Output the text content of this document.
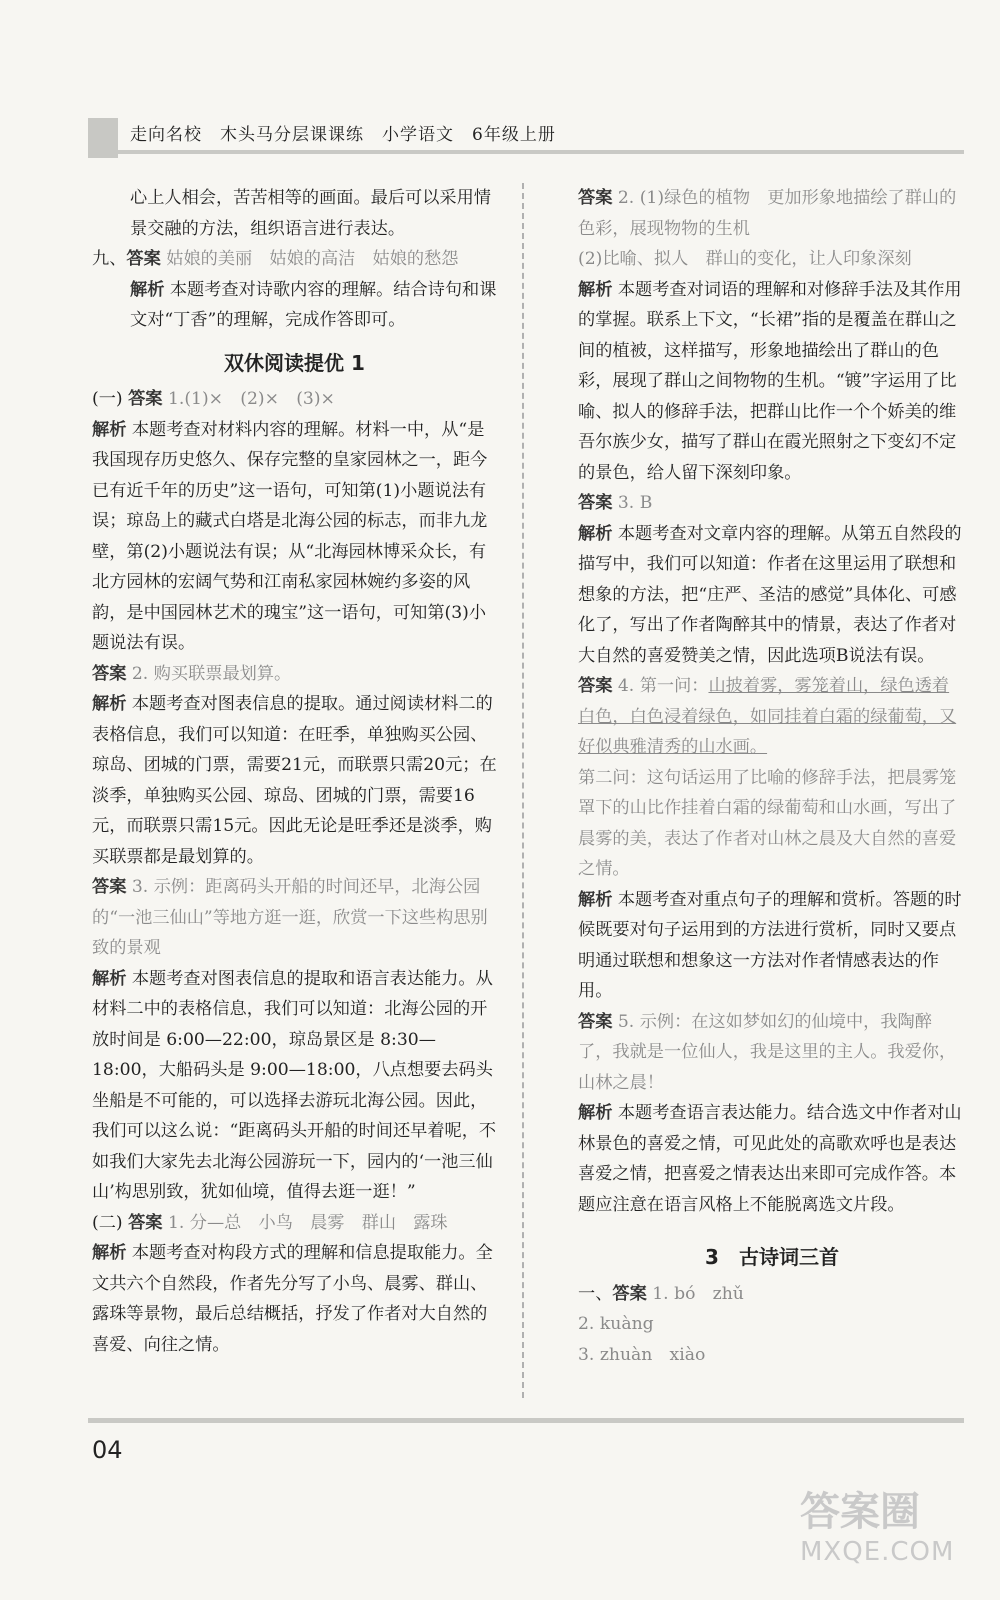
走向名校　木头马分层课课练　小学语文　6年级上册

心上人相会，苦苦相等的画面。最后可以采用情景交融的方法，组织语言进行表达。

九、答案 姑娘的美丽　姑娘的高洁　姑娘的愁怨

解析 本题考查对诗歌内容的理解。结合诗句和课文对“丁香”的理解，完成作答即可。

双休阅读提优 1

(一) 答案 1.(1)×　(2)×　(3)×

解析 本题考查对材料内容的理解。材料一中，从“是我国现存历史悠久、保存完整的皇家园林之一，距今已有近千年的历史”这一语句，可知第(1)小题说法有误；琼岛上的藏式白塔是北海公园的标志，而非九龙壁，第(2)小题说法有误；从“北海园林博采众长，有北方园林的宏阔气势和江南私家园林婉约多姿的风韵，是中国园林艺术的瑰宝”这一语句，可知第(3)小题说法有误。

答案 2. 购买联票最划算。

解析 本题考查对图表信息的提取。通过阅读材料二的表格信息，我们可以知道：在旺季，单独购买公园、琼岛、团城的门票，需要21元，而联票只需20元；在淡季，单独购买公园、琼岛、团城的门票，需要16元，而联票只需15元。因此无论是旺季还是淡季，购买联票都是最划算的。

答案 3. 示例：距离码头开船的时间还早，北海公园的“一池三仙山”等地方逛一逛，欣赏一下这些构思别致的景观

解析 本题考查对图表信息的提取和语言表达能力。从材料二中的表格信息，我们可以知道：北海公园的开放时间是 6:00—22:00，琼岛景区是 8:30—18:00，大船码头是 9:00—18:00，八点想要去码头坐船是不可能的，可以选择去游玩北海公园。因此，我们可以这么说：“距离码头开船的时间还早着呢，不如我们大家先去北海公园游玩一下，园内的‘一池三仙山’构思别致，犹如仙境，值得去逛一逛！”

(二) 答案 1. 分—总　小鸟　晨雾　群山　露珠

解析 本题考查对构段方式的理解和信息提取能力。全文共六个自然段，作者先分写了小鸟、晨雾、群山、露珠等景物，最后总结概括，抒发了作者对大自然的喜爱、向往之情。

答案 2. (1)绿色的植物　更加形象地描绘了群山的色彩，展现物物的生机

(2)比喻、拟人　群山的变化，让人印象深刻

解析 本题考查对词语的理解和对修辞手法及其作用的掌握。联系上下文，“长裙”指的是覆盖在群山之间的植被，这样描写，形象地描绘出了群山的色彩，展现了群山之间物物的生机。“镀”字运用了比喻、拟人的修辞手法，把群山比作一个个娇美的维吾尔族少女，描写了群山在霞光照射之下变幻不定的景色，给人留下深刻印象。

答案 3. B

解析 本题考查对文章内容的理解。从第五自然段的描写中，我们可以知道：作者在这里运用了联想和想象的方法，把“庄严、圣洁的感觉”具体化、可感化了，写出了作者陶醉其中的情景，表达了作者对大自然的喜爱赞美之情，因此选项B说法有误。

答案 4. 第一问：山披着雾，雾笼着山，绿色透着白色，白色浸着绿色，如同挂着白霜的绿葡萄，又好似典雅清秀的山水画。

第二问：这句话运用了比喻的修辞手法，把晨雾笼罩下的山比作挂着白霜的绿葡萄和山水画，写出了晨雾的美，表达了作者对山林之晨及大自然的喜爱之情。

解析 本题考查对重点句子的理解和赏析。答题的时候既要对句子运用到的方法进行赏析，同时又要点明通过联想和想象这一方法对作者情感表达的作用。

答案 5. 示例：在这如梦如幻的仙境中，我陶醉了，我就是一位仙人，我是这里的主人。我爱你，山林之晨！

解析 本题考查语言表达能力。结合选文中作者对山林景色的喜爱之情，可见此处的高歌欢呼也是表达喜爱之情，把喜爱之情表达出来即可完成作答。本题应注意在语言风格上不能脱离选文片段。

3　古诗词三首

一、答案 1. bó　zhǔ

2. kuàng

3. zhuàn　xiào

04
答案圈
MXQE.COM
